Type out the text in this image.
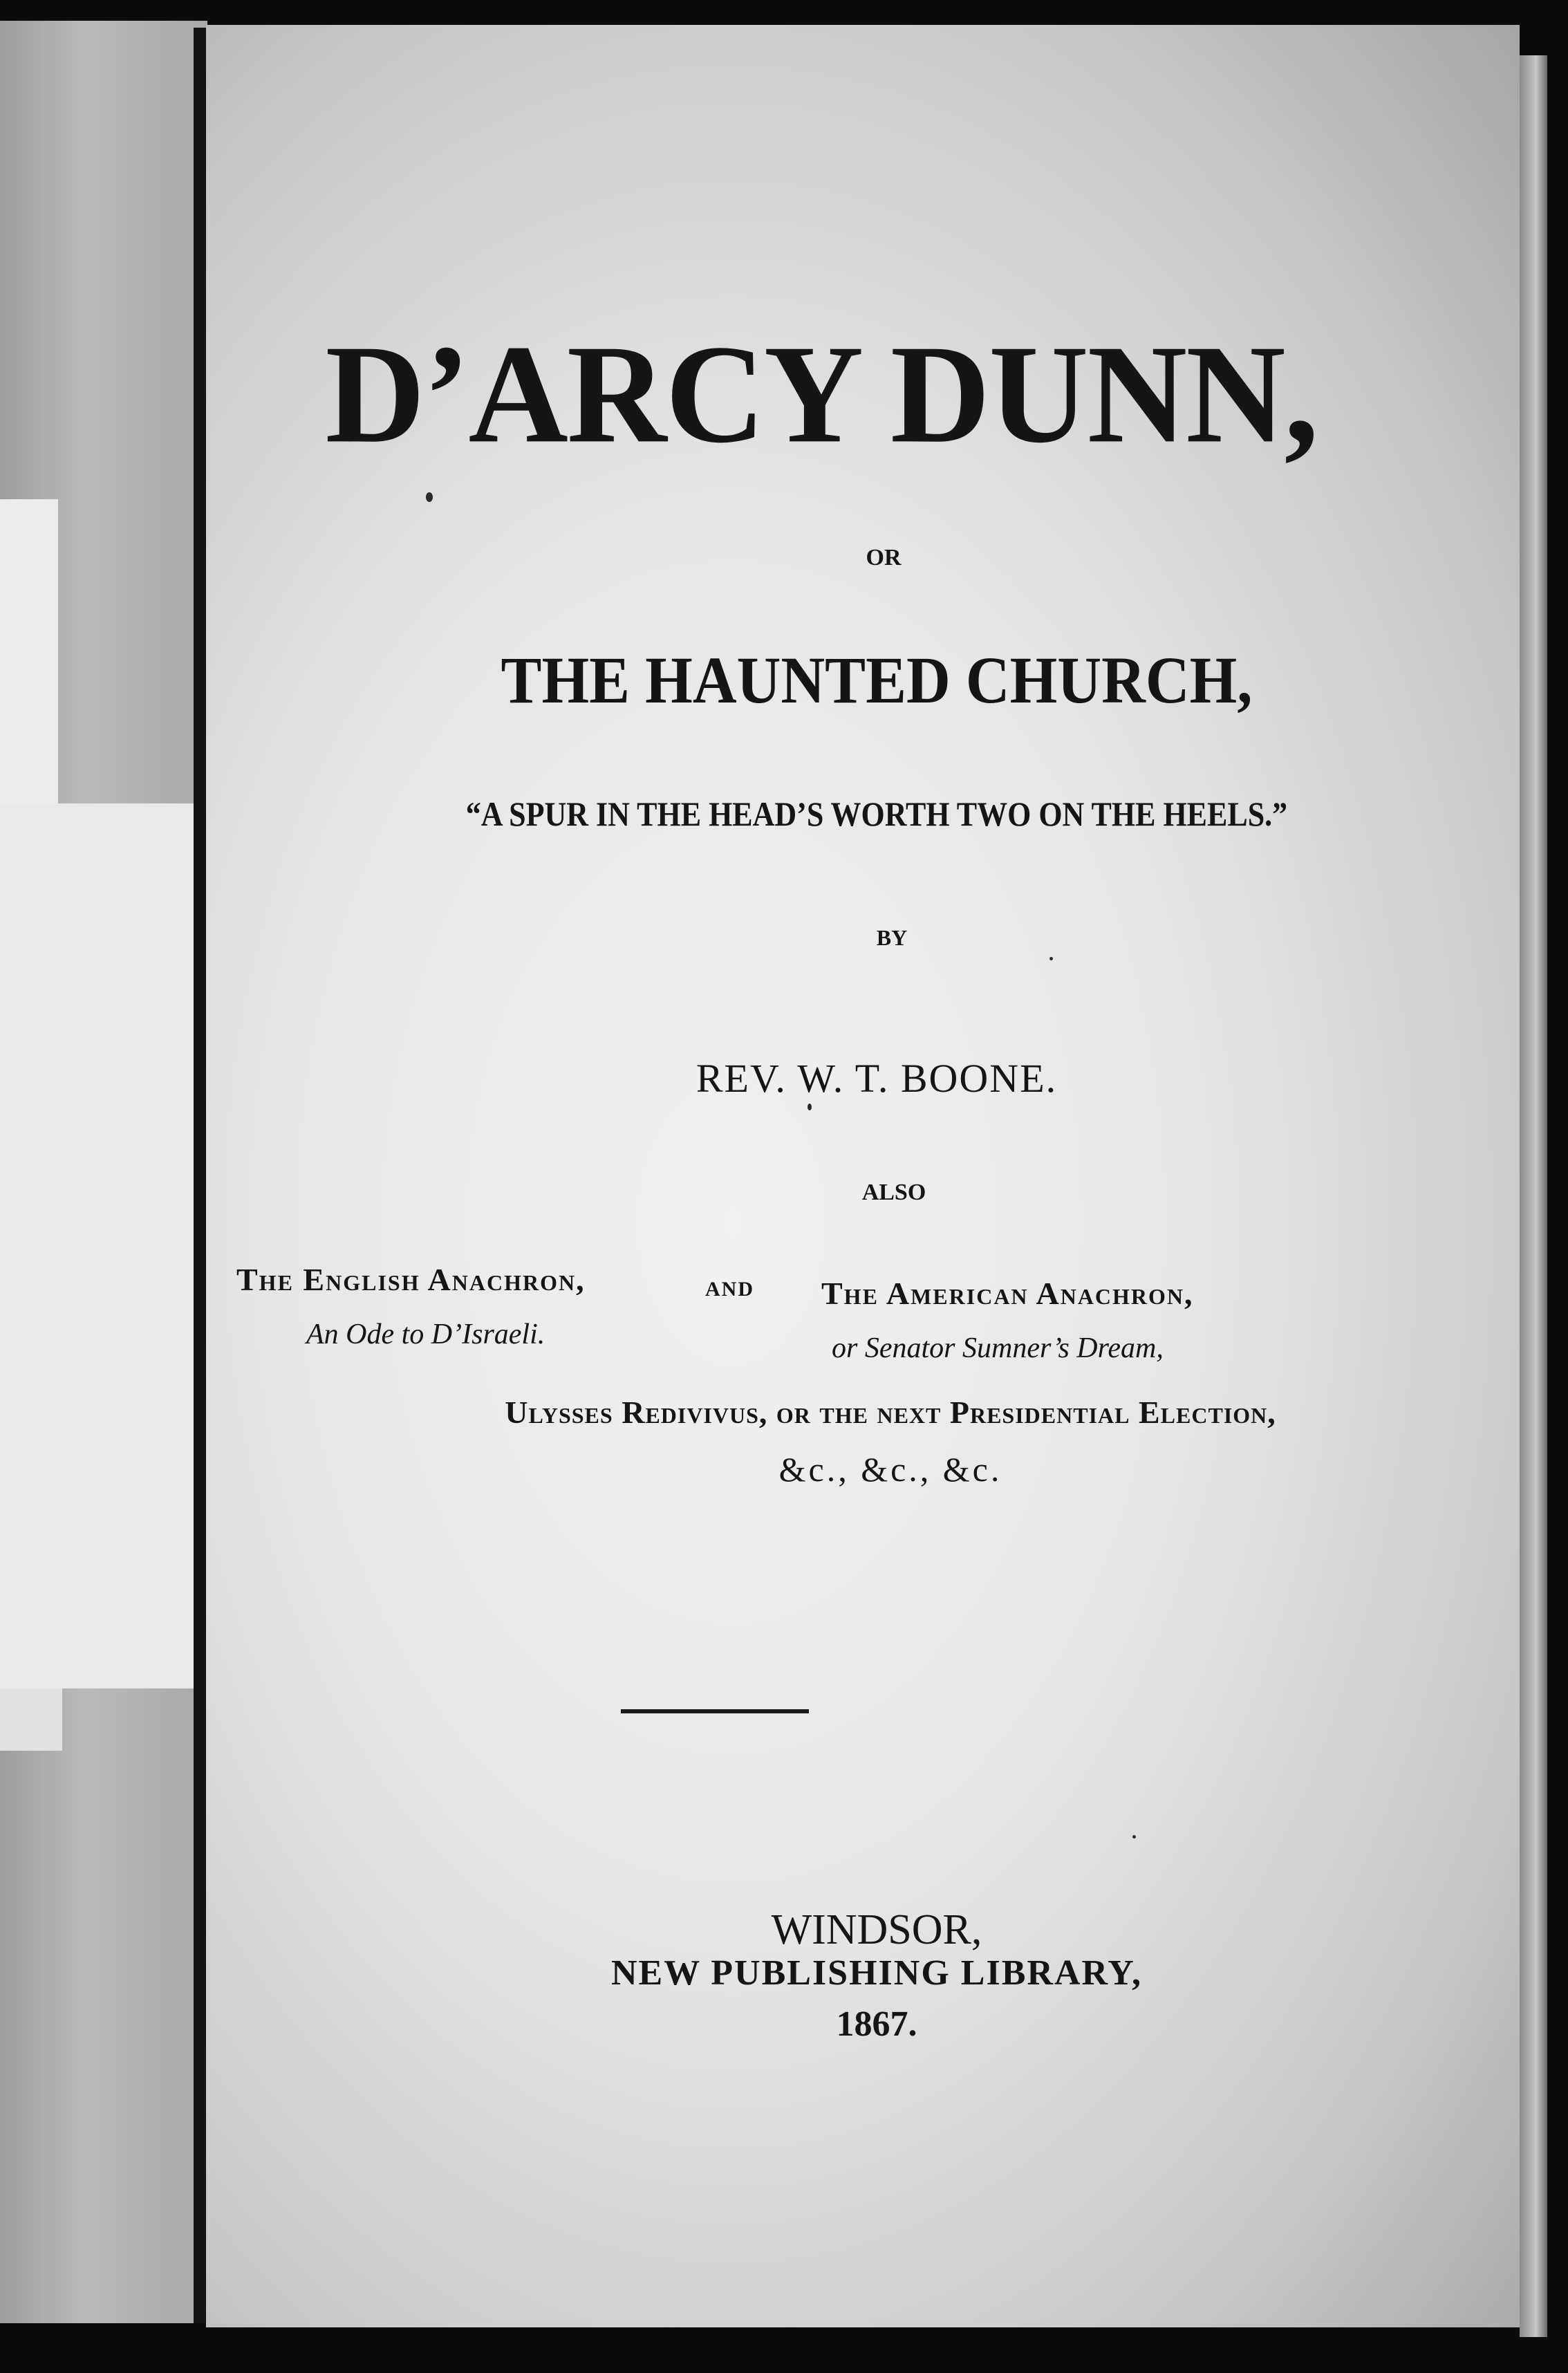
D’ARCY DUNN,
OR
THE HAUNTED CHURCH,
“A SPUR IN THE HEAD’S WORTH TWO ON THE HEELS.”
BY
REV. W. T. BOONE.
ALSO
The English Anachron,	AND The American Anachron,
An Ode to D’Israeli.	or Senator Sumner’s Dream,
Ulysses Redivivus, or the next Presidential Election,
&c., &c., &c.
WINDSOR,
NEW PUBLISHING LIBRARY,
1867.
